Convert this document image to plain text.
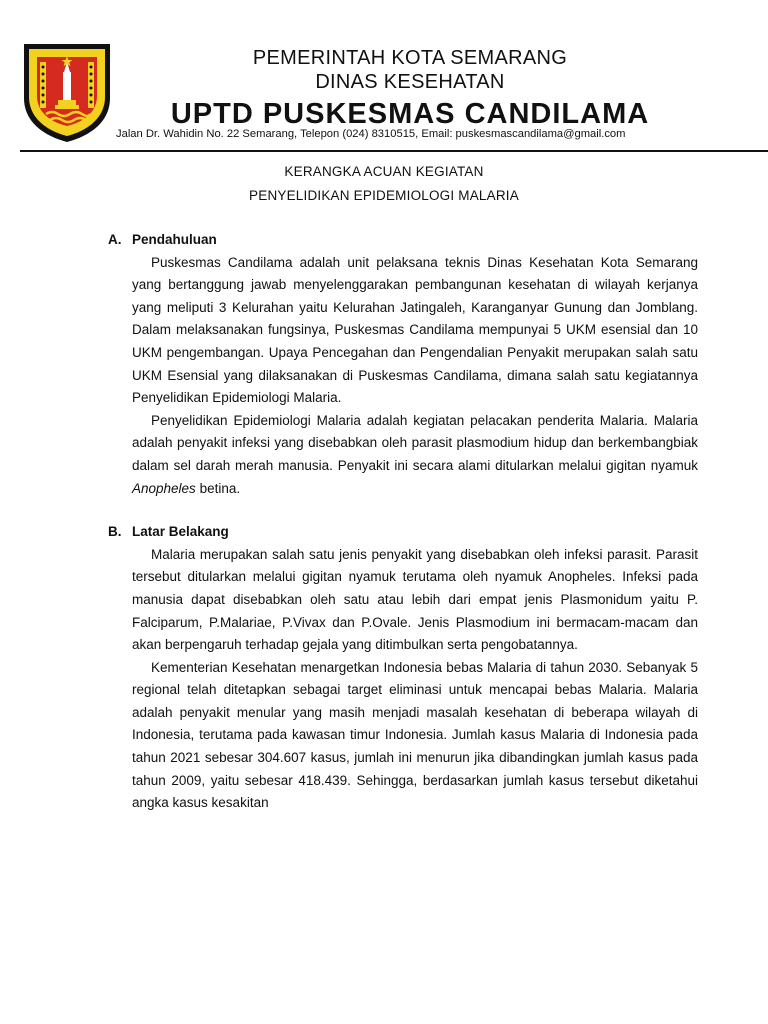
PEMERINTAH KOTA SEMARANG
DINAS KESEHATAN
UPTD PUSKESMAS CANDILAMA
Jalan Dr. Wahidin No. 22 Semarang, Telepon (024) 8310515, Email: puskesmascandilama@gmail.com
KERANGKA ACUAN KEGIATAN
PENYELIDIKAN EPIDEMIOLOGI MALARIA
A. Pendahuluan

Puskesmas Candilama adalah unit pelaksana teknis Dinas Kesehatan Kota Semarang yang bertanggung jawab menyelenggarakan pembangunan kesehatan di wilayah kerjanya yang meliputi 3 Kelurahan yaitu Kelurahan Jatingaleh, Karanganyar Gunung dan Jomblang. Dalam melaksanakan fungsinya, Puskesmas Candilama mempunyai 5 UKM esensial dan 10 UKM pengembangan. Upaya Pencegahan dan Pengendalian Penyakit merupakan salah satu UKM Esensial yang dilaksanakan di Puskesmas Candilama, dimana salah satu kegiatannya Penyelidikan Epidemiologi Malaria.

Penyelidikan Epidemiologi Malaria adalah kegiatan pelacakan penderita Malaria. Malaria adalah penyakit infeksi yang disebabkan oleh parasit plasmodium hidup dan berkembangbiak dalam sel darah merah manusia. Penyakit ini secara alami ditularkan melalui gigitan nyamuk Anopheles betina.

B. Latar Belakang

Malaria merupakan salah satu jenis penyakit yang disebabkan oleh infeksi parasit. Parasit tersebut ditularkan melalui gigitan nyamuk terutama oleh nyamuk Anopheles. Infeksi pada manusia dapat disebabkan oleh satu atau lebih dari empat jenis Plasmonidum yaitu P. Falciparum, P.Malariae, P.Vivax dan P.Ovale. Jenis Plasmodium ini bermacam-macam dan akan berpengaruh terhadap gejala yang ditimbulkan serta pengobatannya.

Kementerian Kesehatan menargetkan Indonesia bebas Malaria di tahun 2030. Sebanyak 5 regional telah ditetapkan sebagai target eliminasi untuk mencapai bebas Malaria. Malaria adalah penyakit menular yang masih menjadi masalah kesehatan di beberapa wilayah di Indonesia, terutama pada kawasan timur Indonesia. Jumlah kasus Malaria di Indonesia pada tahun 2021 sebesar 304.607 kasus, jumlah ini menurun jika dibandingkan jumlah kasus pada tahun 2009, yaitu sebesar 418.439. Sehingga, berdasarkan jumlah kasus tersebut diketahui angka kasus kesakitan
